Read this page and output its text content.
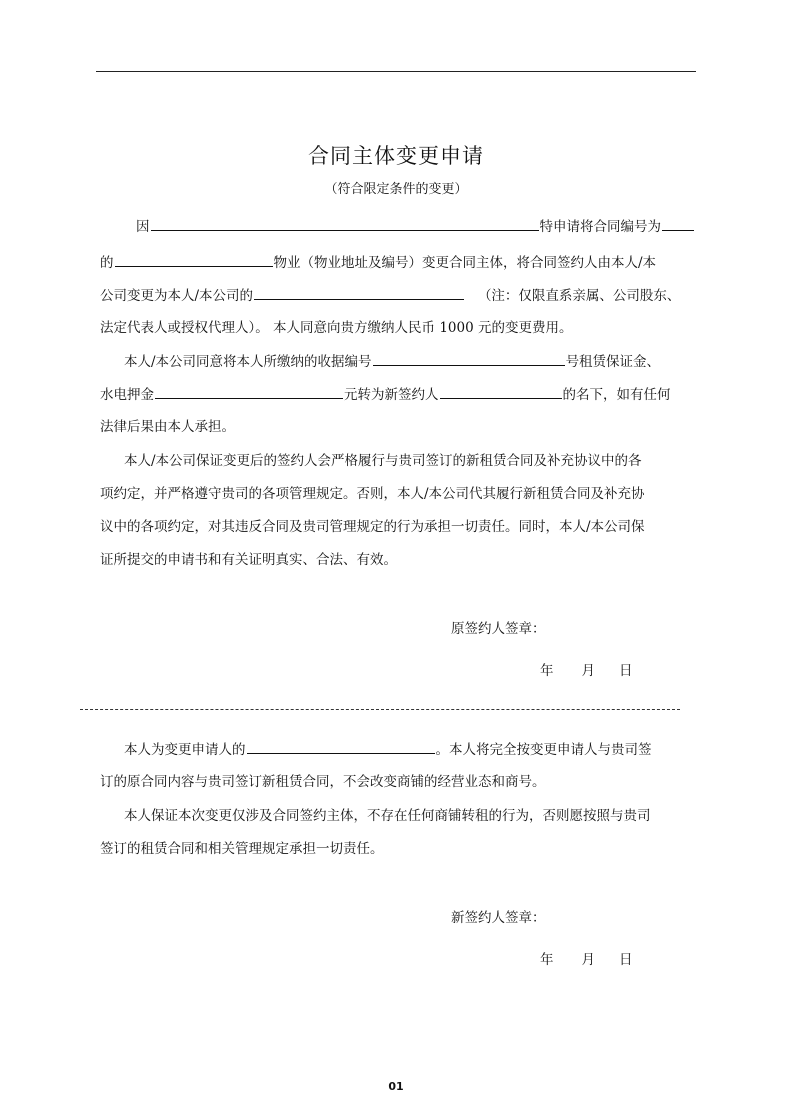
合同主体变更申请
（符合限定条件的变更）
因	特申请将合同编号为
的	物业（物业地址及编号）变更合同主体，将合同签约人由本人/本
公司变更为本人/本公司的	（注：仅限直系亲属、公司股东、
法定代表人或授权代理人）。 本人同意向贵方缴纳人民币 1000 元的变更费用。
本人/本公司同意将本人所缴纳的收据编号	号租赁保证金、
水电押金	元转为新签约人	的名下，如有任何
法律后果由本人承担。
本人/本公司保证变更后的签约人会严格履行与贵司签订的新租赁合同及补充协议中的各
项约定，并严格遵守贵司的各项管理规定。否则，本人/本公司代其履行新租赁合同及补充协
议中的各项约定，对其违反合同及贵司管理规定的行为承担一切责任。同时，本人/本公司保
证所提交的申请书和有关证明真实、合法、有效。
原签约人签章：
年 月 日
本人为变更申请人的	。本人将完全按变更申请人与贵司签
订的原合同内容与贵司签订新租赁合同，不会改变商铺的经营业态和商号。
本人保证本次变更仅涉及合同签约主体，不存在任何商铺转租的行为，否则愿按照与贵司
签订的租赁合同和相关管理规定承担一切责任。
新签约人签章：
年 月 日
01
